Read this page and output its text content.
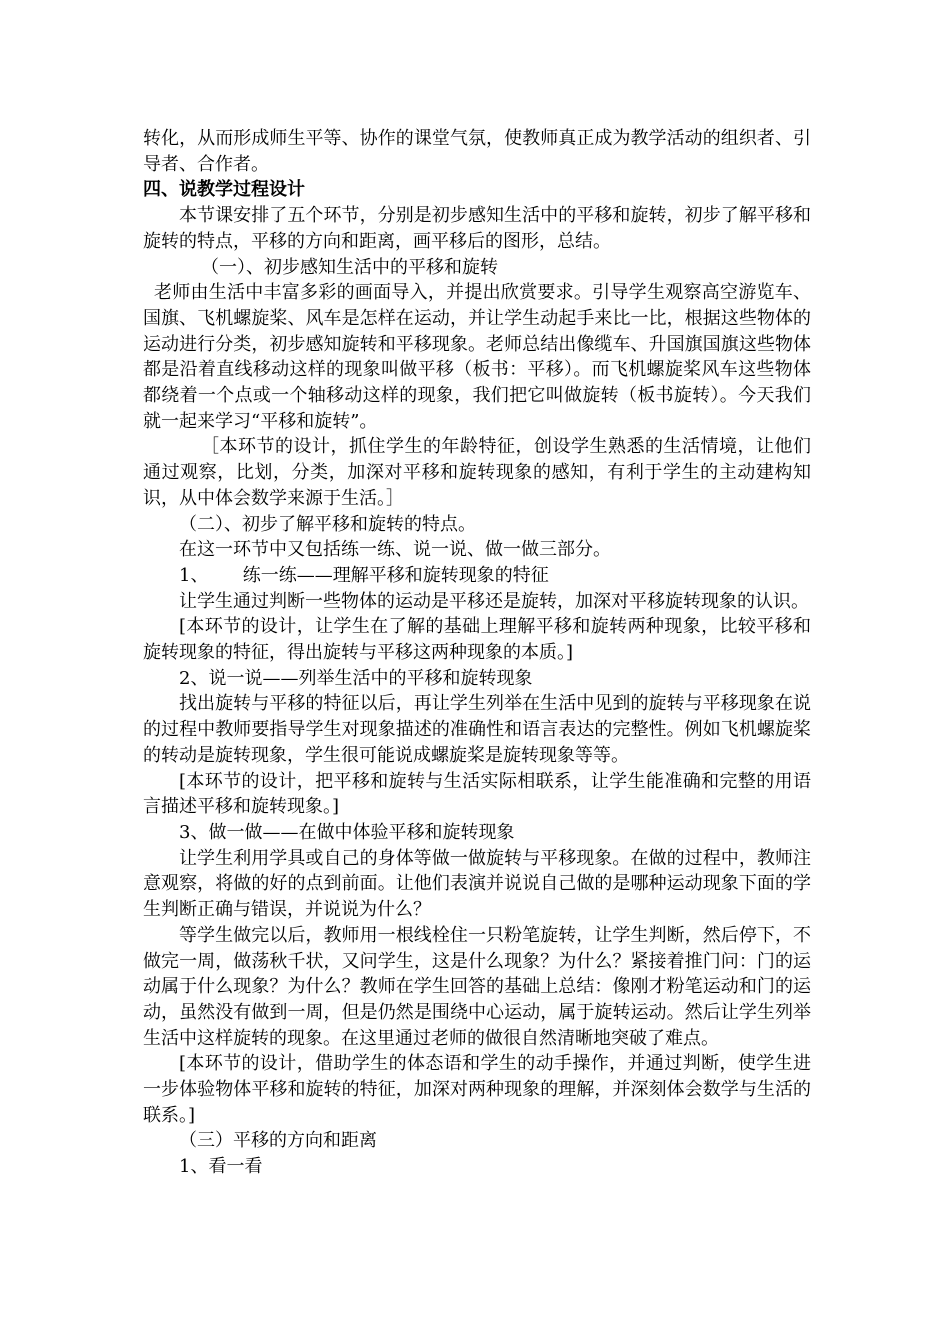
转化，从而形成师生平等、协作的课堂气氛，使教师真正成为教学活动的组织者、引导者、合作者。

四、说教学过程设计

本节课安排了五个环节，分别是初步感知生活中的平移和旋转，初步了解平移和旋转的特点，平移的方向和距离，画平移后的图形，总结。

（一）、初步感知生活中的平移和旋转

老师由生活中丰富多彩的画面导入，并提出欣赏要求。引导学生观察高空游览车、国旗、飞机螺旋桨、风车是怎样在运动，并让学生动起手来比一比，根据这些物体的运动进行分类，初步感知旋转和平移现象。老师总结出像缆车、升国旗国旗这些物体都是沿着直线移动这样的现象叫做平移（板书：平移）。而飞机螺旋桨风车这些物体都绕着一个点或一个轴移动这样的现象，我们把它叫做旋转（板书旋转）。今天我们就一起来学习“平移和旋转”。

［本环节的设计，抓住学生的年龄特征，创设学生熟悉的生活情境，让他们通过观察，比划，分类，加深对平移和旋转现象的感知，有利于学生的主动建构知识，从中体会数学来源于生活。］

（二）、初步了解平移和旋转的特点。

在这一环节中又包括练一练、说一说、做一做三部分。

1、      练一练——理解平移和旋转现象的特征

让学生通过判断一些物体的运动是平移还是旋转，加深对平移旋转现象的认识。

[本环节的设计，让学生在了解的基础上理解平移和旋转两种现象，比较平移和旋转现象的特征，得出旋转与平移这两种现象的本质。]

2、说一说——列举生活中的平移和旋转现象

找出旋转与平移的特征以后，再让学生列举在生活中见到的旋转与平移现象在说的过程中教师要指导学生对现象描述的准确性和语言表达的完整性。例如飞机螺旋桨的转动是旋转现象，学生很可能说成螺旋桨是旋转现象等等。

[本环节的设计，把平移和旋转与生活实际相联系，让学生能准确和完整的用语言描述平移和旋转现象。]

3、做一做——在做中体验平移和旋转现象

让学生利用学具或自己的身体等做一做旋转与平移现象。在做的过程中，教师注意观察，将做的好的点到前面。让他们表演并说说自己做的是哪种运动现象下面的学生判断正确与错误，并说说为什么？

等学生做完以后，教师用一根线栓住一只粉笔旋转，让学生判断，然后停下，不做完一周，做荡秋千状，又问学生，这是什么现象？为什么？紧接着推门问：门的运动属于什么现象？为什么？教师在学生回答的基础上总结：像刚才粉笔运动和门的运动，虽然没有做到一周，但是仍然是围绕中心运动，属于旋转运动。然后让学生列举生活中这样旋转的现象。在这里通过老师的做很自然清晰地突破了难点。

[本环节的设计，借助学生的体态语和学生的动手操作，并通过判断，使学生进一步体验物体平移和旋转的特征，加深对两种现象的理解，并深刻体会数学与生活的联系。]

（三）平移的方向和距离

1、看一看
